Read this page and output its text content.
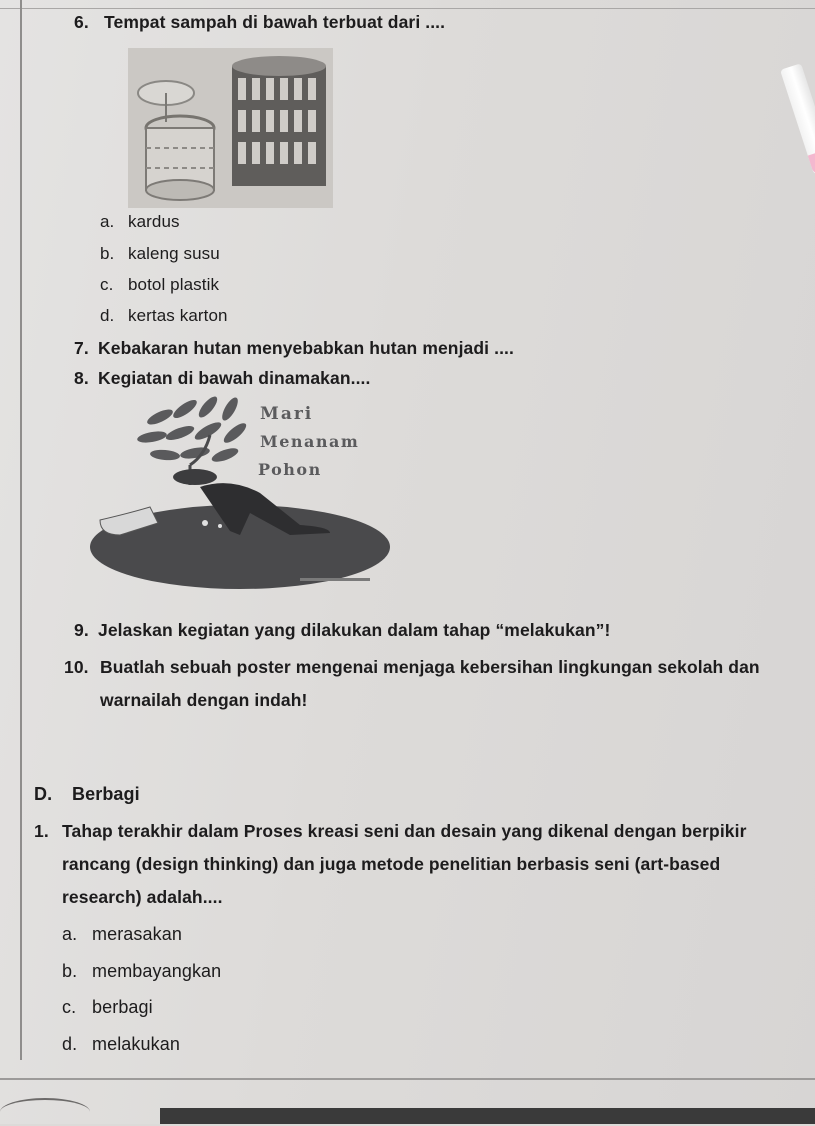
6. Tempat sampah di bawah terbuat dari ....
a. kardus
b. kaleng susu
c. botol plastik
d. kertas karton
7. Kebakaran hutan menyebabkan hutan menjadi ....
8. Kegiatan di bawah dinamakan....
Mari
Menanam
Pohon
9. Jelaskan kegiatan yang dilakukan dalam tahap “melakukan”!
10. Buatlah sebuah poster mengenai menjaga kebersihan lingkungan sekolah dan
warnailah dengan indah!
D. Berbagi
1. Tahap terakhir dalam Proses kreasi seni dan desain yang dikenal dengan berpikir
rancang (design thinking) dan juga metode penelitian berbasis seni (art-based
research) adalah....
a. merasakan
b. membayangkan
c. berbagi
d. melakukan
